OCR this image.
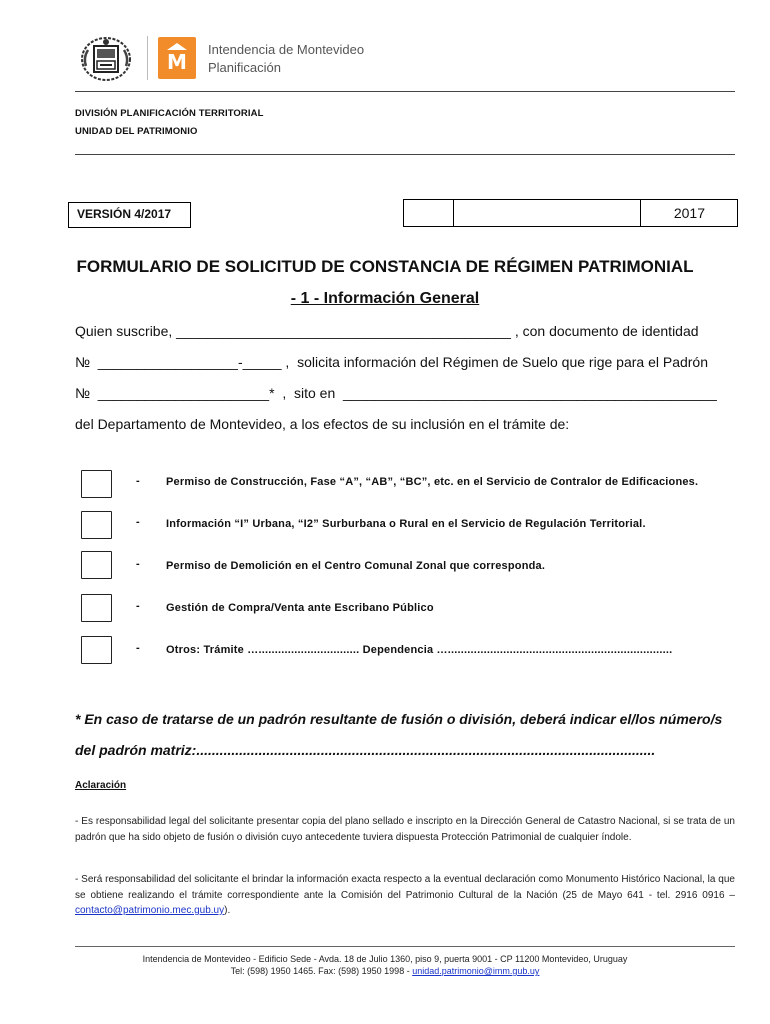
M
Intendencia de Montevideo
Planificación
DIVISIÓN PLANIFICACIÓN TERRITORIAL
UNIDAD DEL PATRIMONIO
VERSIÓN 4/2017	2017
FORMULARIO DE SOLICITUD DE CONSTANCIA DE RÉGIMEN PATRIMONIAL
- 1 - Información General
Quien suscribe, ___________________________________________ , con documento de identidad
№  __________________-_____ ,  solicita información del Régimen de Suelo que rige para el Padrón
№  ______________________*  ,  sito en  ________________________________________________
del Departamento de Montevideo, a los efectos de su inclusión en el trámite de:
- Permiso de Construcción, Fase “A”, “AB”, “BC”, etc. en el Servicio de Contralor de Edificaciones.
- Información “I” Urbana, “I2” Surburbana o Rural en el Servicio de Regulación Territorial.
- Permiso de Demolición en el Centro Comunal Zonal que corresponda.
- Gestión de Compra/Venta ante Escribano Público
- Otros: Trámite …............................... Dependencia ….....................................................................
* En caso de tratarse de un padrón resultante de fusión o división, deberá indicar el/los número/s
del padrón matriz:......................................................................................................................
Aclaración
- Es responsabilidad legal del solicitante presentar copia del plano sellado e inscripto en la Dirección General de Catastro Nacional, si se trata de un padrón que ha sido objeto de fusión o división cuyo antecedente tuviera dispuesta Protección Patrimonial de cualquier índole.
- Será responsabilidad del solicitante el brindar la información exacta respecto a la eventual declaración como Monumento Histórico Nacional, la que se obtiene realizando el trámite correspondiente ante la Comisión del Patrimonio Cultural de la Nación (25 de Mayo 641 - tel. 2916 0916 – contacto@patrimonio.mec.gub.uy).
Intendencia de Montevideo - Edificio Sede - Avda. 18 de Julio 1360, piso 9, puerta 9001 - CP 11200 Montevideo, Uruguay
Tel: (598) 1950 1465. Fax: (598) 1950 1998 - unidad.patrimonio@imm.gub.uy
